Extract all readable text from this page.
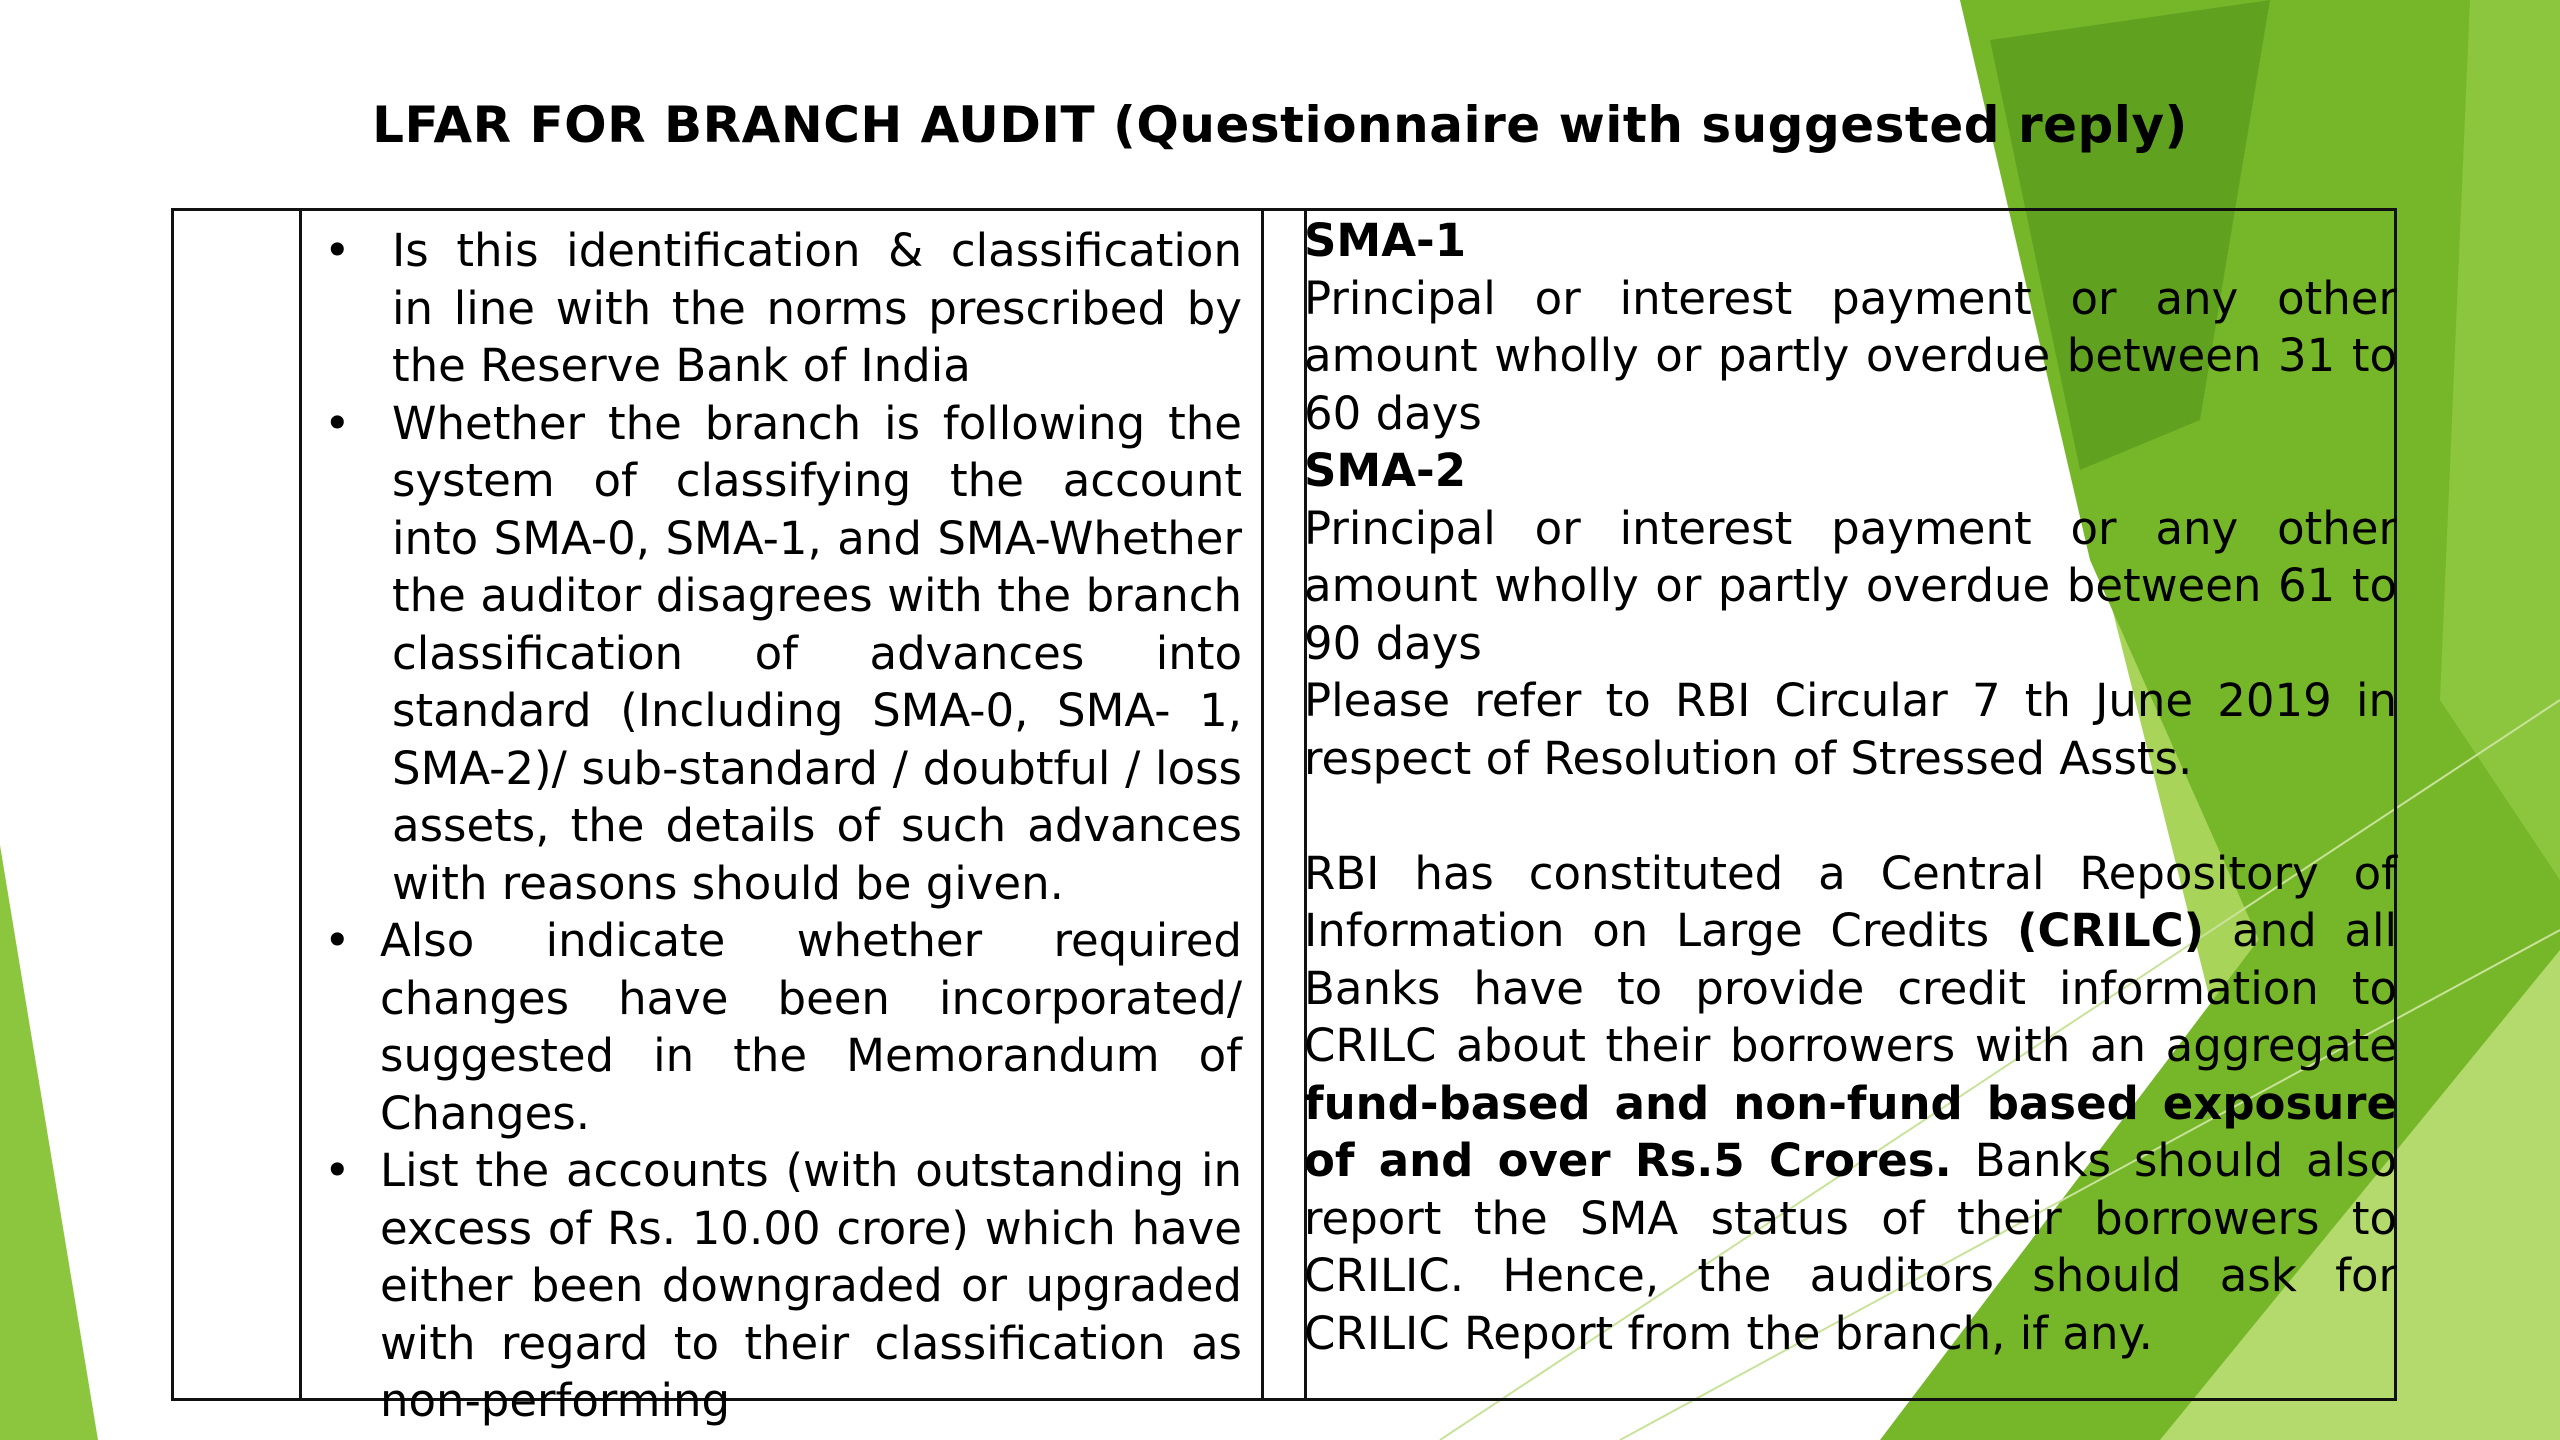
LFAR FOR BRANCH AUDIT (Questionnaire with suggested reply)
• Is this identification & classification in line with the norms prescribed by the Reserve Bank of India
• Whether the branch is following the system of classifying the account into SMA-0, SMA-1, and SMA-Whether the auditor disagrees with the branch classification of advances into standard (Including SMA-0, SMA- 1, SMA-2)/ sub-standard / doubtful / loss assets, the details of such advances with reasons should be given.
• Also indicate whether required changes have been incorporated/ suggested in the Memorandum of Changes.
• List the accounts (with outstanding in excess of Rs. 10.00 crore) which have either been downgraded or upgraded with regard to their classification as non-performing

SMA-1

Principal or interest payment or any other amount wholly or partly overdue between 31 to 60 days

SMA-2

Principal or interest payment or any other amount wholly or partly overdue between 61 to 90 days

Please refer to RBI Circular 7 th June 2019 in respect of Resolution of Stressed Assts.

RBI has constituted a Central Repository of Information on Large Credits (CRILC) and all Banks have to provide credit information to CRILC about their borrowers with an aggregate fund-based and non-fund based exposure of and over Rs.5 Crores. Banks should also report the SMA status of their borrowers to CRILIC. Hence, the auditors should ask for CRILIC Report from the branch, if any.
